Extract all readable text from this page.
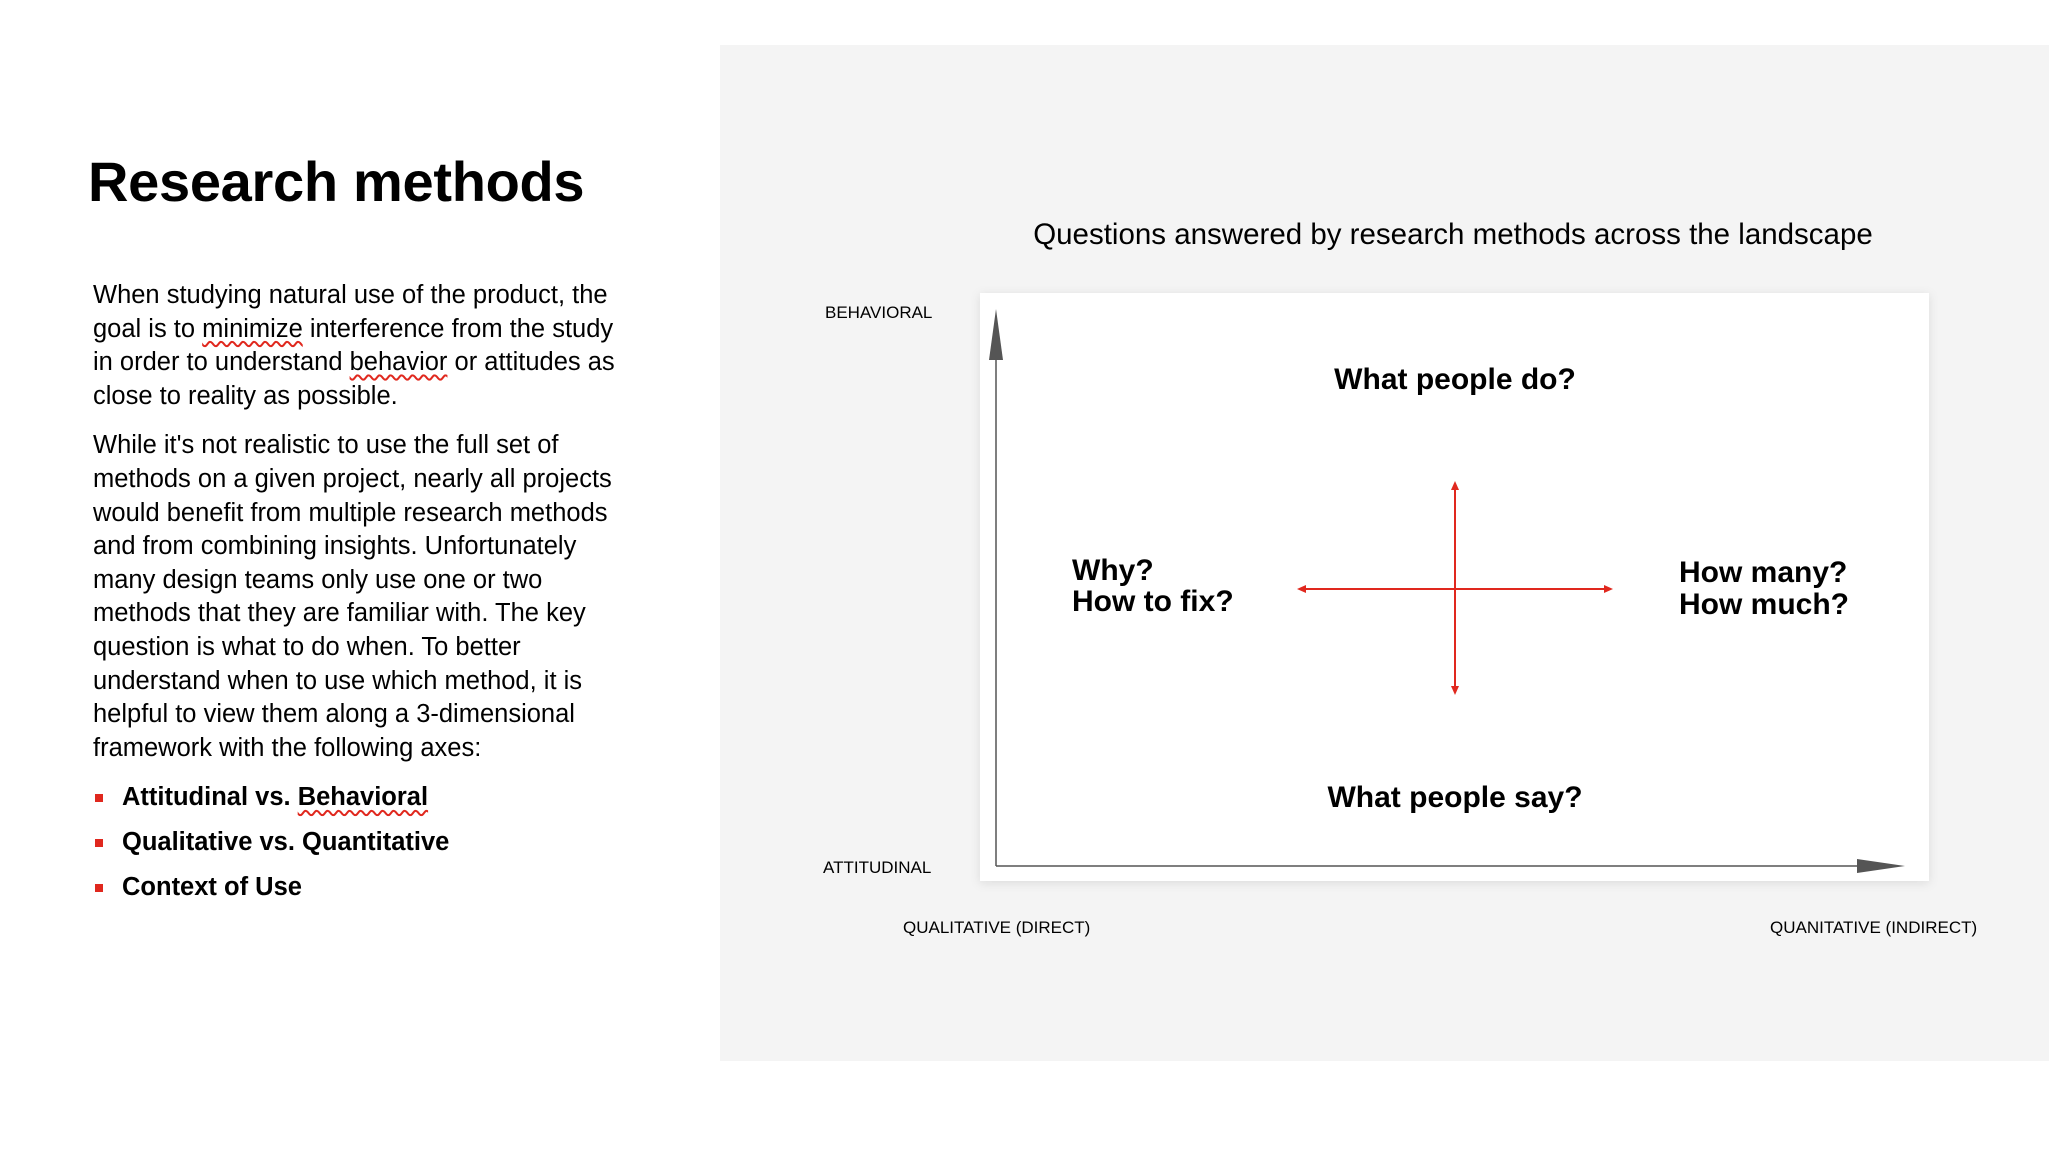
Research methods

When studying natural use of the product, the goal is to minimize interference from the study in order to understand behavior or attitudes as close to reality as possible.

While it's not realistic to use the full set of methods on a given project, nearly all projects would benefit from multiple research methods and from combining insights. Unfortunately many design teams only use one or two methods that they are familiar with. The key question is what to do when. To better understand when to use which method, it is helpful to view them along a 3-dimensional framework with the following axes:

Attitudinal vs. Behavioral
Qualitative vs. Quantitative
Context of Use
Questions answered by research methods across the landscape
BEHAVIORAL
ATTITUDINAL
QUALITATIVE (DIRECT)	QUANITATIVE (INDIRECT)
What people do?
What people say?
Why?
How to fix?
How many?
How much?
